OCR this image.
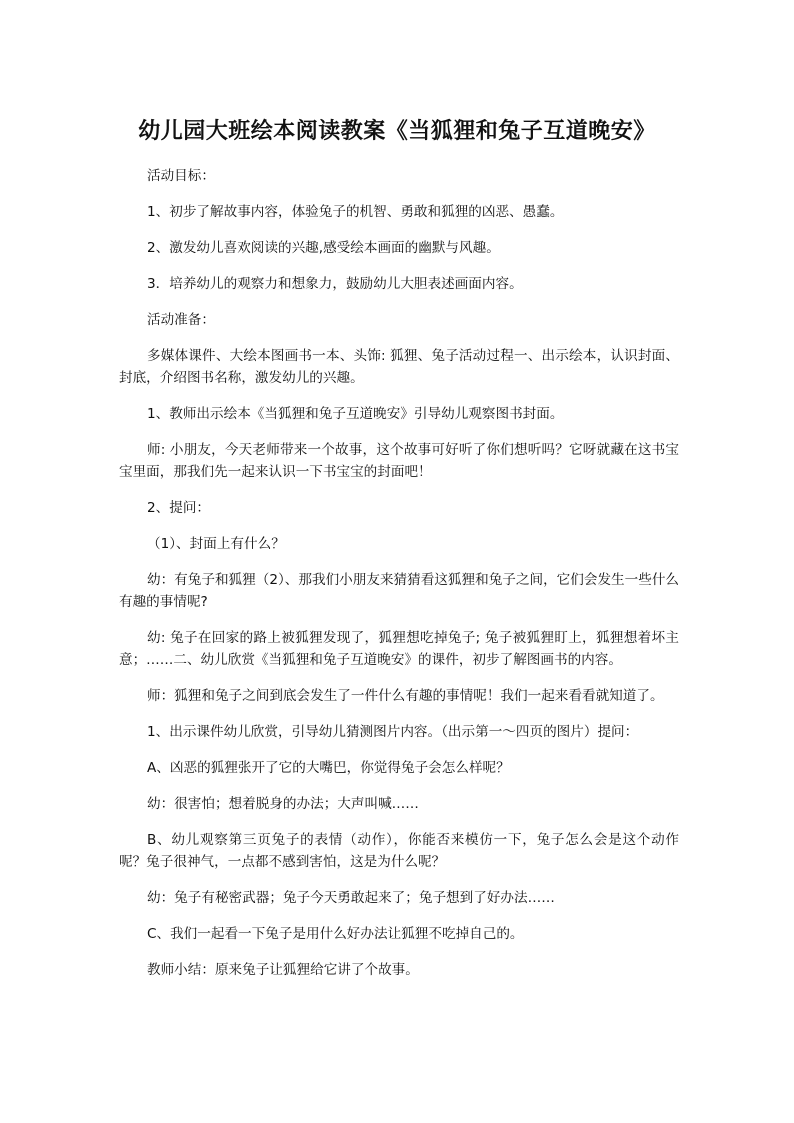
幼儿园大班绘本阅读教案《当狐狸和兔子互道晚安》

活动目标：

1、初步了解故事内容，体验兔子的机智、勇敢和狐狸的凶恶、愚蠢。

2、激发幼儿喜欢阅读的兴趣,感受绘本画面的幽默与风趣。

3．培养幼儿的观察力和想象力，鼓励幼儿大胆表述画面内容。

活动准备：

多媒体课件、大绘本图画书一本、头饰: 狐狸、兔子活动过程一、出示绘本，认识封面、封底，介绍图书名称，激发幼儿的兴趣。

1、教师出示绘本《当狐狸和兔子互道晚安》引导幼儿观察图书封面。

师: 小朋友，今天老师带来一个故事，这个故事可好听了你们想听吗？它呀就藏在这书宝宝里面，那我们先一起来认识一下书宝宝的封面吧！

2、提问：

（1）、封面上有什么？

幼：有兔子和狐狸（2）、那我们小朋友来猜猜看这狐狸和兔子之间，它们会发生一些什么有趣的事情呢?

幼: 兔子在回家的路上被狐狸发现了，狐狸想吃掉兔子; 兔子被狐狸盯上，狐狸想着坏主意；……二、幼儿欣赏《当狐狸和兔子互道晚安》的课件，初步了解图画书的内容。

师：狐狸和兔子之间到底会发生了一件什么有趣的事情呢！我们一起来看看就知道了。

1、出示课件幼儿欣赏，引导幼儿猜测图片内容。（出示第一～四页的图片）提问：

A、凶恶的狐狸张开了它的大嘴巴，你觉得兔子会怎么样呢？

幼：很害怕；想着脱身的办法；大声叫喊……

B、幼儿观察第三页兔子的表情（动作），你能否来模仿一下，兔子怎么会是这个动作呢？兔子很神气，一点都不感到害怕，这是为什么呢？

幼：兔子有秘密武器；兔子今天勇敢起来了；兔子想到了好办法……

C、我们一起看一下兔子是用什么好办法让狐狸不吃掉自己的。

教师小结：原来兔子让狐狸给它讲了个故事。
